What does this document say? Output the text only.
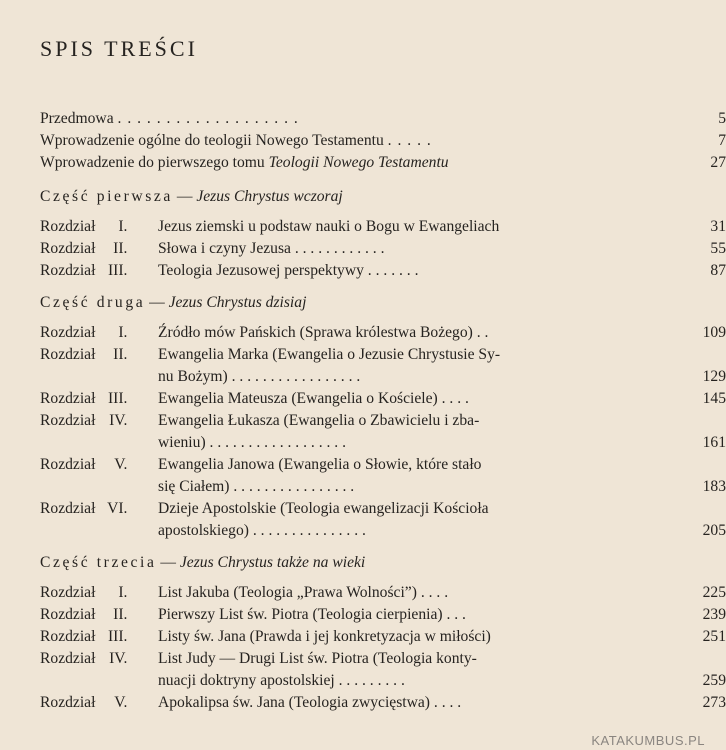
SPIS TREŚCI
Przedmowa . . . . . . . . . . . . . . . . . . .	5
Wprowadzenie ogólne do teologii Nowego Testamentu . . . . .	7
Wprowadzenie do pierwszego tomu Teologii Nowego Testamentu	27
Część pierwsza — Jezus Chrystus wczoraj
Rozdział I. Jezus ziemski u podstaw nauki o Bogu w Ewangeliach	31
Rozdział II. Słowa i czyny Jezusa . . . . . . . . . . . .	55
Rozdział III. Teologia Jezusowej perspektywy . . . . . . .	87
Część druga — Jezus Chrystus dzisiaj
Rozdział I. Źródło mów Pańskich (Sprawa królestwa Bożego) . .	109
Rozdział II. Ewangelia Marka (Ewangelia o Jezusie Chrystusie Sy-
nu Bożym) . . . . . . . . . . . . . . . . .	129
Rozdział III. Ewangelia Mateusza (Ewangelia o Kościele) . . . .	145
Rozdział IV. Ewangelia Łukasza (Ewangelia o Zbawicielu i zba-
wieniu) . . . . . . . . . . . . . . . . . .	161
Rozdział V. Ewangelia Janowa (Ewangelia o Słowie, które stało
się Ciałem) . . . . . . . . . . . . . . . .	183
Rozdział VI. Dzieje Apostolskie (Teologia ewangelizacji Kościoła
apostolskiego) . . . . . . . . . . . . . . .	205
Część trzecia — Jezus Chrystus także na wieki
Rozdział I. List Jakuba (Teologia „Prawa Wolności”) . . . .	225
Rozdział II. Pierwszy List św. Piotra (Teologia cierpienia) . . .	239
Rozdział III. Listy św. Jana (Prawda i jej konkretyzacja w miłości)	251
Rozdział IV. List Judy — Drugi List św. Piotra (Teologia konty-
nuacji doktryny apostolskiej . . . . . . . . .	259
Rozdział V. Apokalipsa św. Jana (Teologia zwycięstwa) . . . .	273
KATAKUMBUS.PL
